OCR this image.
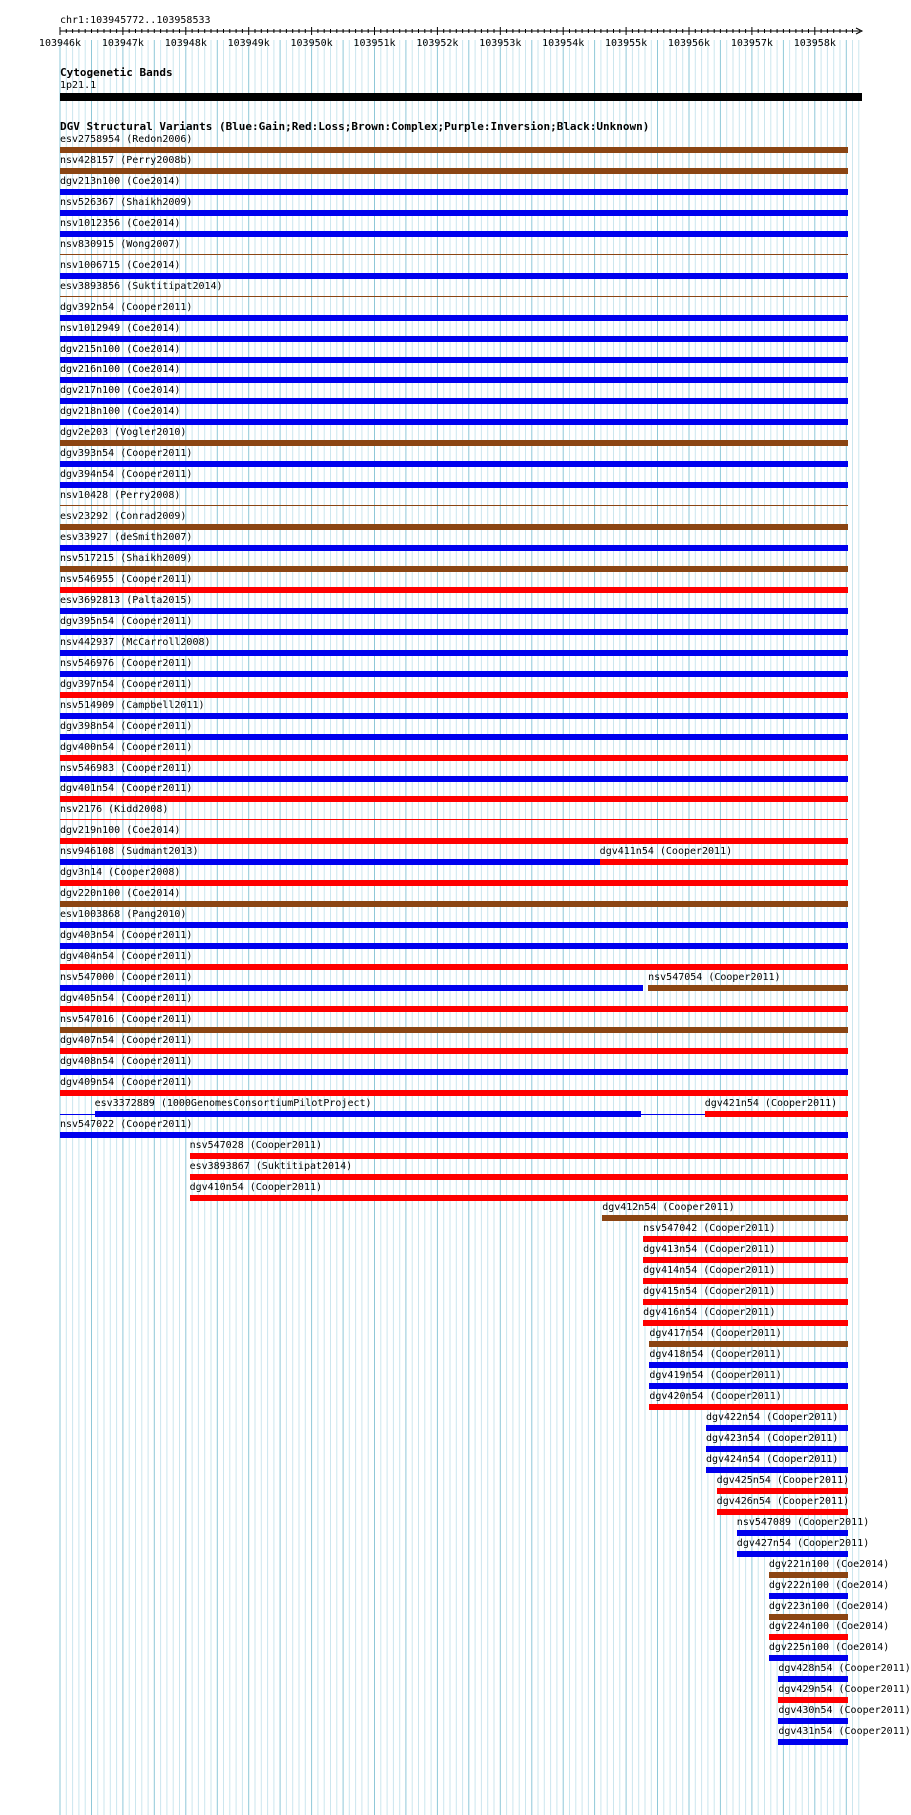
chr1:103945772..103958533
103946k 103947k 103948k 103949k 103950k 103951k 103952k 103953k 103954k 103955k 103956k 103957k 103958k
Cytogenetic Bands
1p21.1
DGV Structural Variants (Blue:Gain;Red:Loss;Brown:Complex;Purple:Inversion;Black:Unknown)
esv2758954 (Redon2006)
nsv428157 (Perry2008b)
dgv213n100 (Coe2014)
nsv526367 (Shaikh2009)
nsv1012356 (Coe2014)
nsv830915 (Wong2007)
nsv1006715 (Coe2014)
esv3893856 (Suktitipat2014)
dgv392n54 (Cooper2011)
nsv1012949 (Coe2014)
dgv215n100 (Coe2014)
dgv216n100 (Coe2014)
dgv217n100 (Coe2014)
dgv218n100 (Coe2014)
dgv2e203 (Vogler2010)
dgv393n54 (Cooper2011)
dgv394n54 (Cooper2011)
nsv10428 (Perry2008)
esv23292 (Conrad2009)
esv33927 (deSmith2007)
nsv517215 (Shaikh2009)
nsv546955 (Cooper2011)
esv3692813 (Palta2015)
dgv395n54 (Cooper2011)
nsv442937 (McCarroll2008)
nsv546976 (Cooper2011)
dgv397n54 (Cooper2011)
nsv514909 (Campbell2011)
dgv398n54 (Cooper2011)
dgv400n54 (Cooper2011)
nsv546983 (Cooper2011)
dgv401n54 (Cooper2011)
nsv2176 (Kidd2008)
dgv219n100 (Coe2014)
nsv946108 (Sudmant2013)	dgv411n54 (Cooper2011)
dgv3n14 (Cooper2008)
dgv220n100 (Coe2014)
esv1003868 (Pang2010)
dgv403n54 (Cooper2011)
dgv404n54 (Cooper2011)
nsv547000 (Cooper2011)	nsv547054 (Cooper2011)
dgv405n54 (Cooper2011)
nsv547016 (Cooper2011)
dgv407n54 (Cooper2011)
dgv408n54 (Cooper2011)
dgv409n54 (Cooper2011)
esv3372889 (1000GenomesConsortiumPilotProject)	dgv421n54 (Cooper2011)
nsv547022 (Cooper2011)
nsv547028 (Cooper2011)
esv3893867 (Suktitipat2014)
dgv410n54 (Cooper2011)
dgv412n54 (Cooper2011)
nsv547042 (Cooper2011)
dgv413n54 (Cooper2011)
dgv414n54 (Cooper2011)
dgv415n54 (Cooper2011)
dgv416n54 (Cooper2011)
dgv417n54 (Cooper2011)
dgv418n54 (Cooper2011)
dgv419n54 (Cooper2011)
dgv420n54 (Cooper2011)
dgv422n54 (Cooper2011)
dgv423n54 (Cooper2011)
dgv424n54 (Cooper2011)
dgv425n54 (Cooper2011)
dgv426n54 (Cooper2011)
nsv547089 (Cooper2011)
dgv427n54 (Cooper2011)
dgv221n100 (Coe2014)
dgv222n100 (Coe2014)
dgv223n100 (Coe2014)
dgv224n100 (Coe2014)
dgv225n100 (Coe2014)
dgv428n54 (Cooper2011)
dgv429n54 (Cooper2011)
dgv430n54 (Cooper2011)
dgv431n54 (Cooper2011)
